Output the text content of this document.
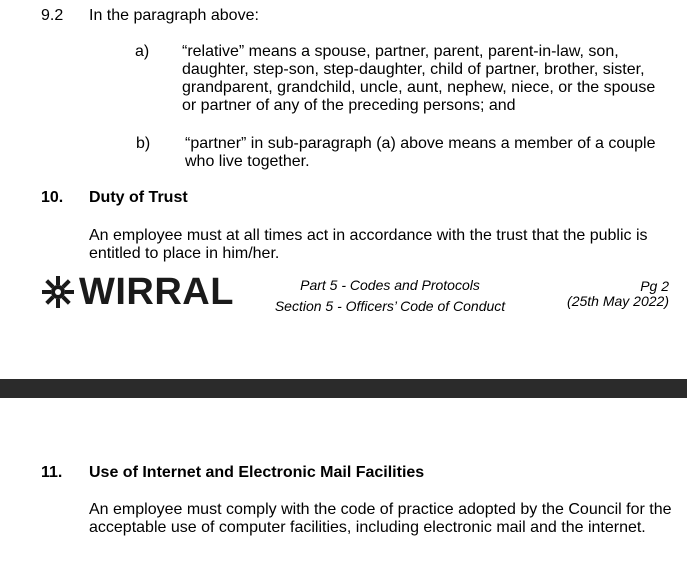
9.2 In the paragraph above:
a)	“relative” means a spouse, partner, parent, parent-in-law, son,
daughter, step-son, step-daughter, child of partner, brother, sister,
grandparent, grandchild, uncle, aunt, nephew, niece, or the spouse
or partner of any of the preceding persons; and
b)	“partner” in sub-paragraph (a) above means a member of a couple
who live together.
10. Duty of Trust
An employee must at all times act in accordance with the trust that the public is
entitled to place in him/her.
WIRRAL	Part 5 - Codes and Protocols
Section 5 - Officers’ Code of Conduct
Pg 2
(25th May 2022)
11. Use of Internet and Electronic Mail Facilities
An employee must comply with the code of practice adopted by the Council for the
acceptable use of computer facilities, including electronic mail and the internet.
